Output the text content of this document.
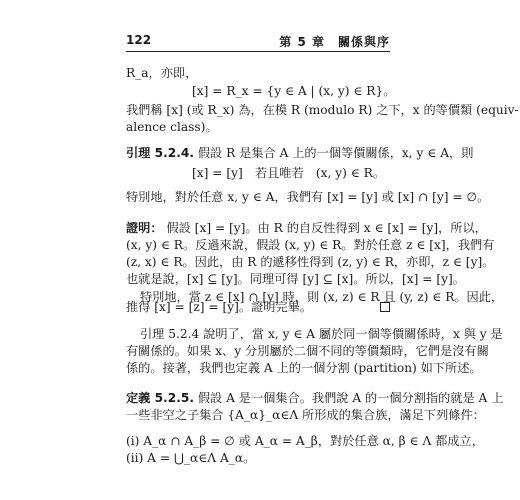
122	第 5 章　關係與序
R_a，亦即，
[x] = R_x = {y ∈ A | (x, y) ∈ R}。
我們稱 [x] (或 R_x) 為，在模 R (modulo R) 之下，x 的等價類 (equiv-
alence class)。
引理 5.2.4. 假設 R 是集合 A 上的一個等價關係，x, y ∈ A，則
[x] = [y]　若且唯若　(x, y) ∈ R。
特別地，對於任意 x, y ∈ A，我們有 [x] = [y] 或 [x] ∩ [y] = ∅。
證明： 假設 [x] = [y]。由 R 的自反性得到 x ∈ [x] = [y]，所以，
(x, y) ∈ R。反過來說，假設 (x, y) ∈ R。對於任意 z ∈ [x]，我們有
(z, x) ∈ R。因此，由 R 的遞移性得到 (z, y) ∈ R，亦即，z ∈ [y]。
也就是說，[x] ⊆ [y]。同理可得 [y] ⊆ [x]。所以，[x] = [y]。
特別地，當 z ∈ [x] ∩ [y] 時，則 (x, z) ∈ R 且 (y, z) ∈ R。因此，
推得 [x] = [z] = [y]。證明完畢。
引理 5.2.4 說明了，當 x, y ∈ A 屬於同一個等價關係時，x 與 y 是
有關係的。如果 x、y 分別屬於二個不同的等價類時，它們是沒有關
係的。接著，我們也定義 A 上的一個分割 (partition) 如下所述。
定義 5.2.5. 假設 A 是一個集合。我們說 A 的一個分割指的就是 A 上
一些非空之子集合 {A_α}_α∈Λ 所形成的集合族，滿足下列條件：
(i) A_α ∩ A_β = ∅ 或 A_α = A_β，對於任意 α, β ∈ Λ 都成立，
(ii) A = ⋃_α∈Λ A_α。
